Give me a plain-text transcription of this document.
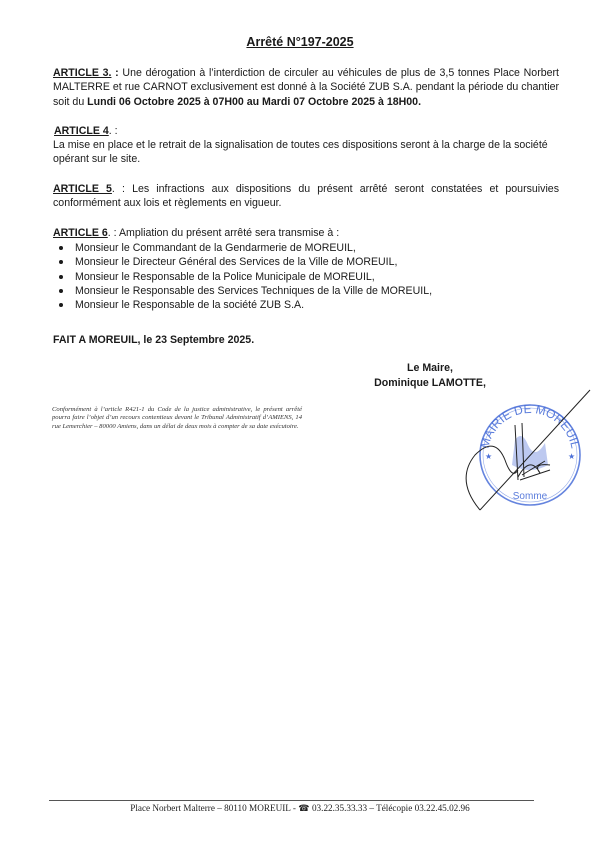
Arrêté N°197-2025

ARTICLE 3. : Une dérogation à l’interdiction de circuler au véhicules de plus de 3,5 tonnes Place Norbert MALTERRE et rue CARNOT exclusivement est donné à la Société ZUB S.A. pendant la période du chantier soit du Lundi 06 Octobre 2025 à 07H00 au Mardi 07 Octobre 2025 à 18H00.

ARTICLE 4. :

La mise en place et le retrait de la signalisation de toutes ces dispositions seront à la charge de la société opérant sur le site.

ARTICLE 5. : Les infractions aux dispositions du présent arrêté seront constatées et poursuivies conformément aux lois et règlements en vigueur.

ARTICLE 6. : Ampliation du présent arrêté sera transmise à :

Monsieur le Commandant de la Gendarmerie de MOREUIL,
Monsieur le Directeur Général des Services de la Ville de MOREUIL,
Monsieur le Responsable de la Police Municipale de MOREUIL,
Monsieur le Responsable des Services Techniques de la Ville de MOREUIL,
Monsieur le Responsable de la société ZUB S.A.
FAIT A MOREUIL, le 23 Septembre 2025.
Le Maire,
Dominique LAMOTTE,
Conformément à l’article R421-1 du Code de la justice administrative, le présent arrêté pourra faire l’objet d’un recours contentieux devant le Tribunal Administratif d’AMIENS, 14 rue Lemerchier – 80000 Amiens, dans un délai de deux mois à compter de sa date exécutoire.
MAIRIE DE MOREUIL
Somme
★	★
Place Norbert Malterre – 80110 MOREUIL - ☎ 03.22.35.33.33 – Télécopie 03.22.45.02.96
